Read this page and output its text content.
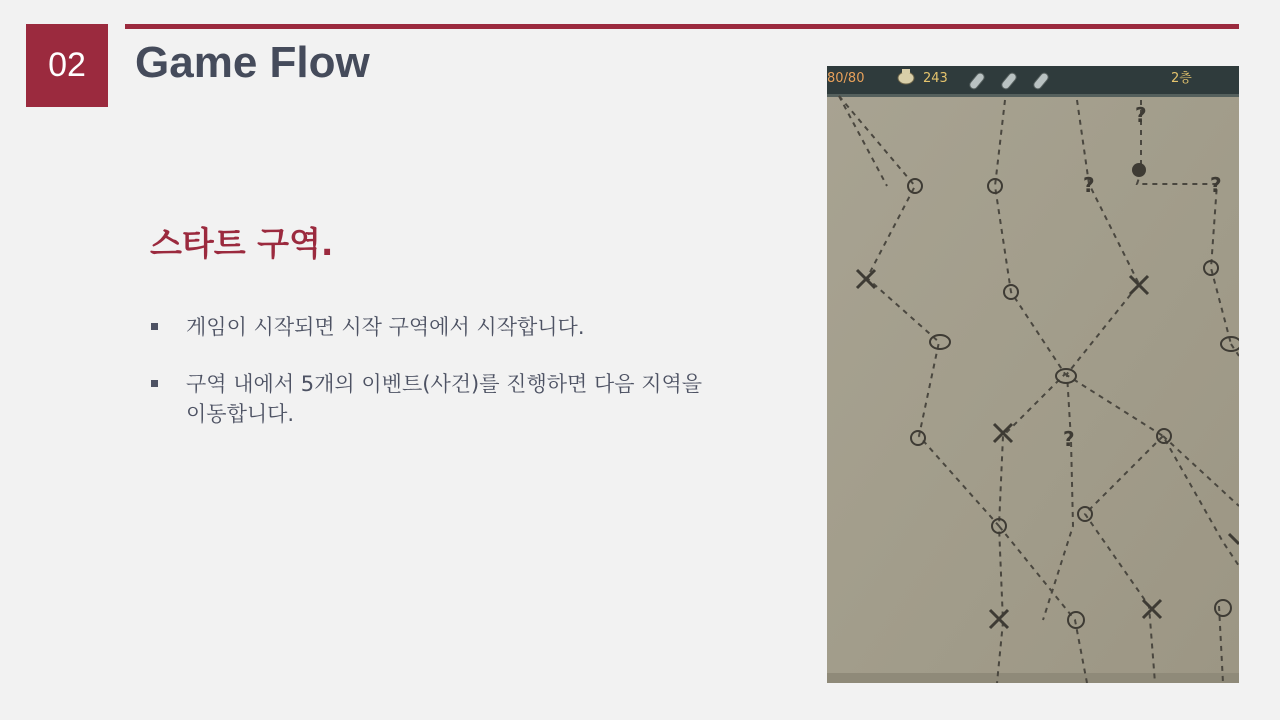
02 Game Flow
스타트 구역.
게임이 시작되면 시작 구역에서 시작합니다.
구역 내에서 5개의 이벤트(사건)를 진행하면 다음 지역을 이동합니다.
80/80	243	2층
?
?
?
?
